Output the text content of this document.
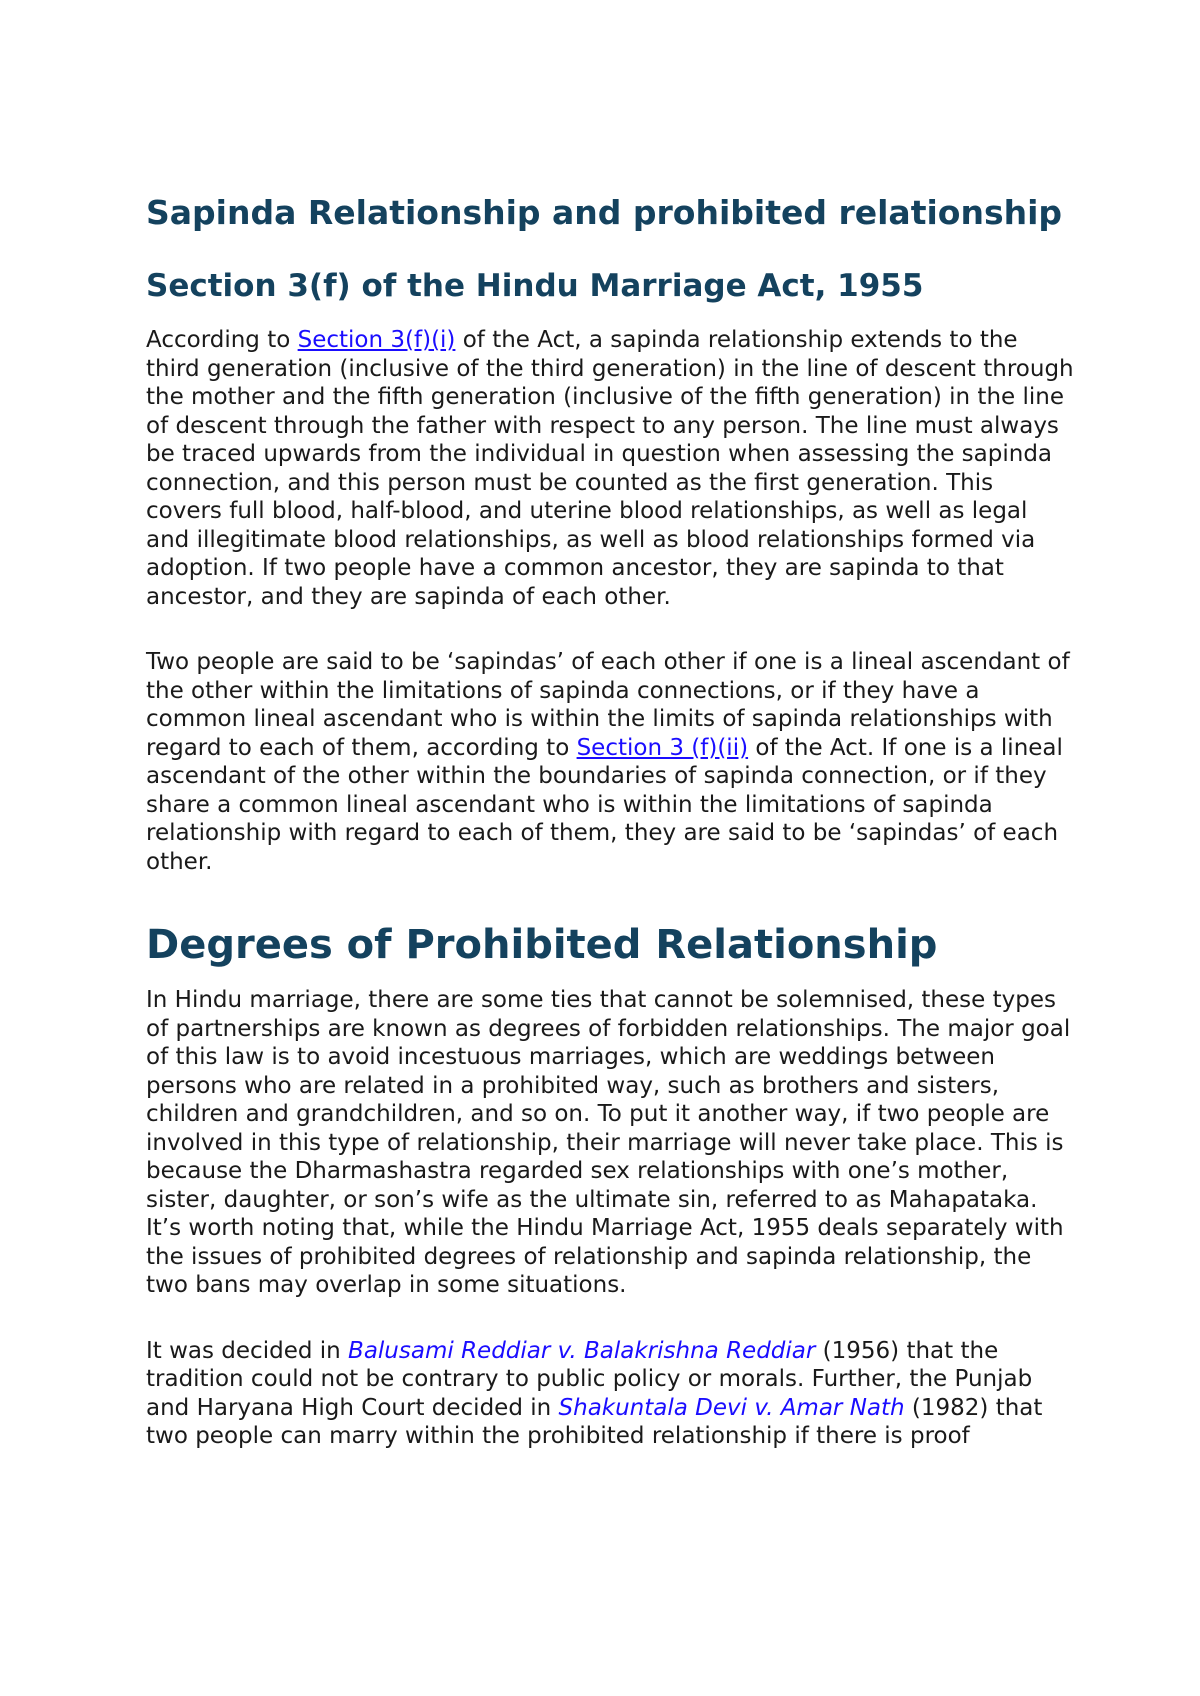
Sapinda Relationship and prohibited relationship
Section 3(f) of the Hindu Marriage Act, 1955

According to Section 3(f)(i) of the Act, a sapinda relationship extends to the third generation (inclusive of the third generation) in the line of descent through the mother and the fifth generation (inclusive of the fifth generation) in the line of descent through the father with respect to any person. The line must always be traced upwards from the individual in question when assessing the sapinda connection, and this person must be counted as the first generation. This covers full blood, half-blood, and uterine blood relationships, as well as legal and illegitimate blood relationships, as well as blood relationships formed via adoption. If two people have a common ancestor, they are sapinda to that ancestor, and they are sapinda of each other.

Two people are said to be ‘sapindas’ of each other if one is a lineal ascendant of the other within the limitations of sapinda connections, or if they have a common lineal ascendant who is within the limits of sapinda relationships with regard to each of them, according to Section 3 (f)(ii) of the Act. If one is a lineal ascendant of the other within the boundaries of sapinda connection, or if they share a common lineal ascendant who is within the limitations of sapinda relationship with regard to each of them, they are said to be ‘sapindas’ of each other.

Degrees of Prohibited Relationship

In Hindu marriage, there are some ties that cannot be solemnised, these types of partnerships are known as degrees of forbidden relationships. The major goal of this law is to avoid incestuous marriages, which are weddings between persons who are related in a prohibited way, such as brothers and sisters, children and grandchildren, and so on. To put it another way, if two people are involved in this type of relationship, their marriage will never take place. This is because the Dharmashastra regarded sex relationships with one’s mother, sister, daughter, or son’s wife as the ultimate sin, referred to as Mahapataka. It’s worth noting that, while the Hindu Marriage Act, 1955 deals separately with the issues of prohibited degrees of relationship and sapinda relationship, the two bans may overlap in some situations.

It was decided in Balusami Reddiar v. Balakrishna Reddiar (1956) that the tradition could not be contrary to public policy or morals. Further, the Punjab and Haryana High Court decided in Shakuntala Devi v. Amar Nath (1982) that two people can marry within the prohibited relationship if there is proof
